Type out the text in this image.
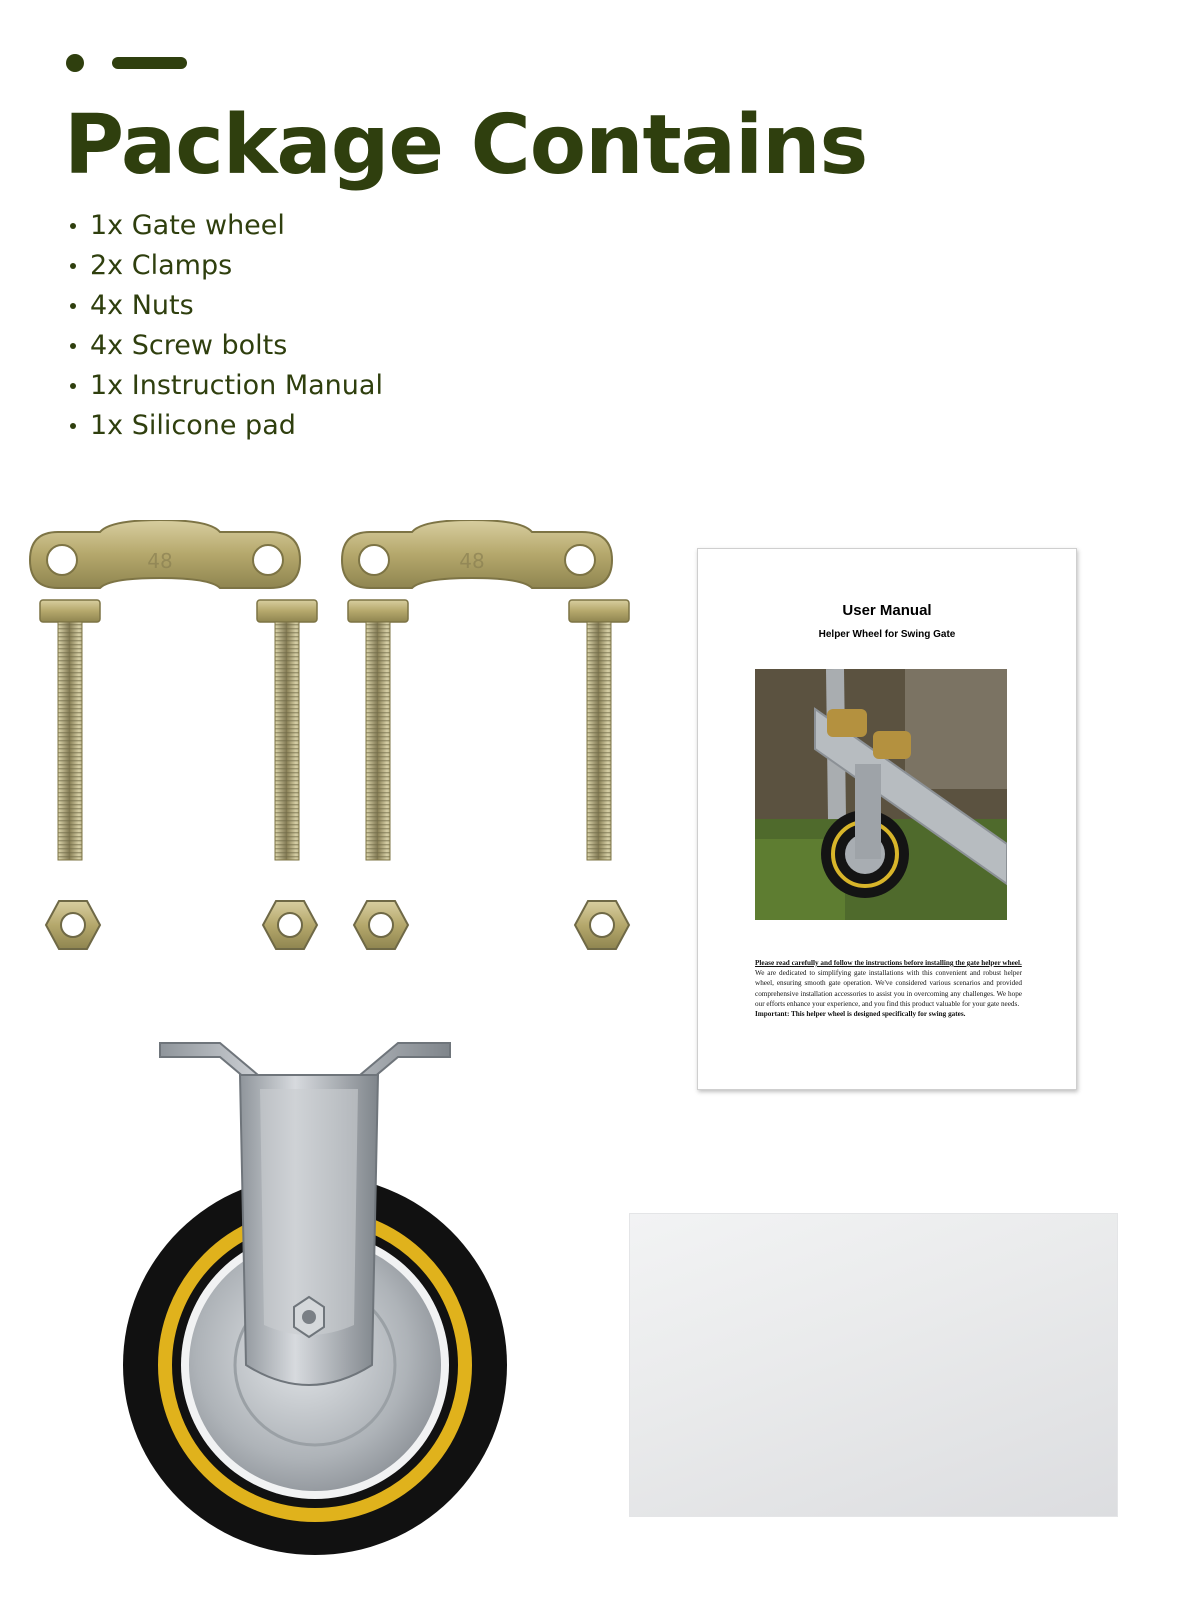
Package Contains
1x Gate wheel
2x Clamps
4x Nuts
4x Screw bolts
1x Instruction Manual
1x Silicone pad
User Manual
Helper Wheel for Swing Gate

Please read carefully and follow the instructions before installing the gate helper wheel.

We are dedicated to simplifying gate installations with this convenient and robust helper wheel, ensuring smooth gate operation. We've considered various scenarios and provided comprehensive installation accessories to assist you in overcoming any challenges. We hope our efforts enhance your experience, and you find this product valuable for your gate needs.

Important: This helper wheel is designed specifically for swing gates.
